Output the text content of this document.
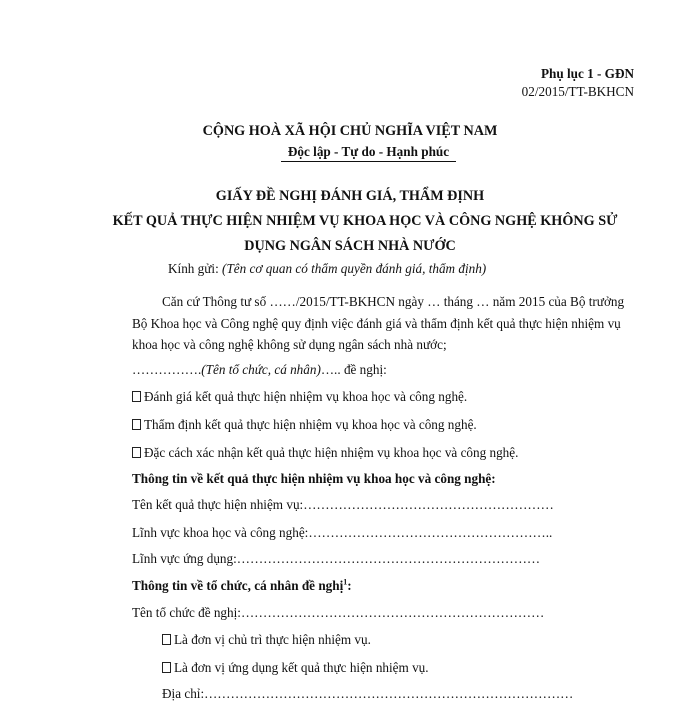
Phụ lục 1 - GĐN
02/2015/TT-BKHCN
CỘNG HOÀ XÃ HỘI CHỦ NGHĨA VIỆT NAM
Độc lập - Tự do - Hạnh phúc
GIẤY ĐỀ NGHỊ ĐÁNH GIÁ, THẨM ĐỊNH
KẾT QUẢ THỰC HIỆN NHIỆM VỤ KHOA HỌC VÀ CÔNG NGHỆ KHÔNG SỬ
DỤNG NGÂN SÁCH NHÀ NƯỚC
Kính gửi: (Tên cơ quan có thẩm quyền đánh giá, thẩm định)
Căn cứ Thông tư số ……/2015/TT-BKHCN ngày … tháng … năm 2015 của Bộ trưởng
Bộ Khoa học và Công nghệ quy định việc đánh giá và thẩm định kết quả thực hiện nhiệm vụ
khoa học và công nghệ không sử dụng ngân sách nhà nước;
…………….(Tên tổ chức, cá nhân)….. đề nghị:
Đánh giá kết quả thực hiện nhiệm vụ khoa học và công nghệ.
Thẩm định kết quả thực hiện nhiệm vụ khoa học và công nghệ.
Đặc cách xác nhận kết quả thực hiện nhiệm vụ khoa học và công nghệ.
Thông tin về kết quả thực hiện nhiệm vụ khoa học và công nghệ:
Tên kết quả thực hiện nhiệm vụ:…………………………………………………
Lĩnh vực khoa học và công nghệ:………………………………………………..
Lĩnh vực ứng dụng:……………………………………………………………
Thông tin về tổ chức, cá nhân đề nghị$^1$:
Tên tổ chức đề nghị:……………………………………………………………
Là đơn vị chủ trì thực hiện nhiệm vụ.
Là đơn vị ứng dụng kết quả thực hiện nhiệm vụ.
Địa chỉ:…………………………………………………………………………
